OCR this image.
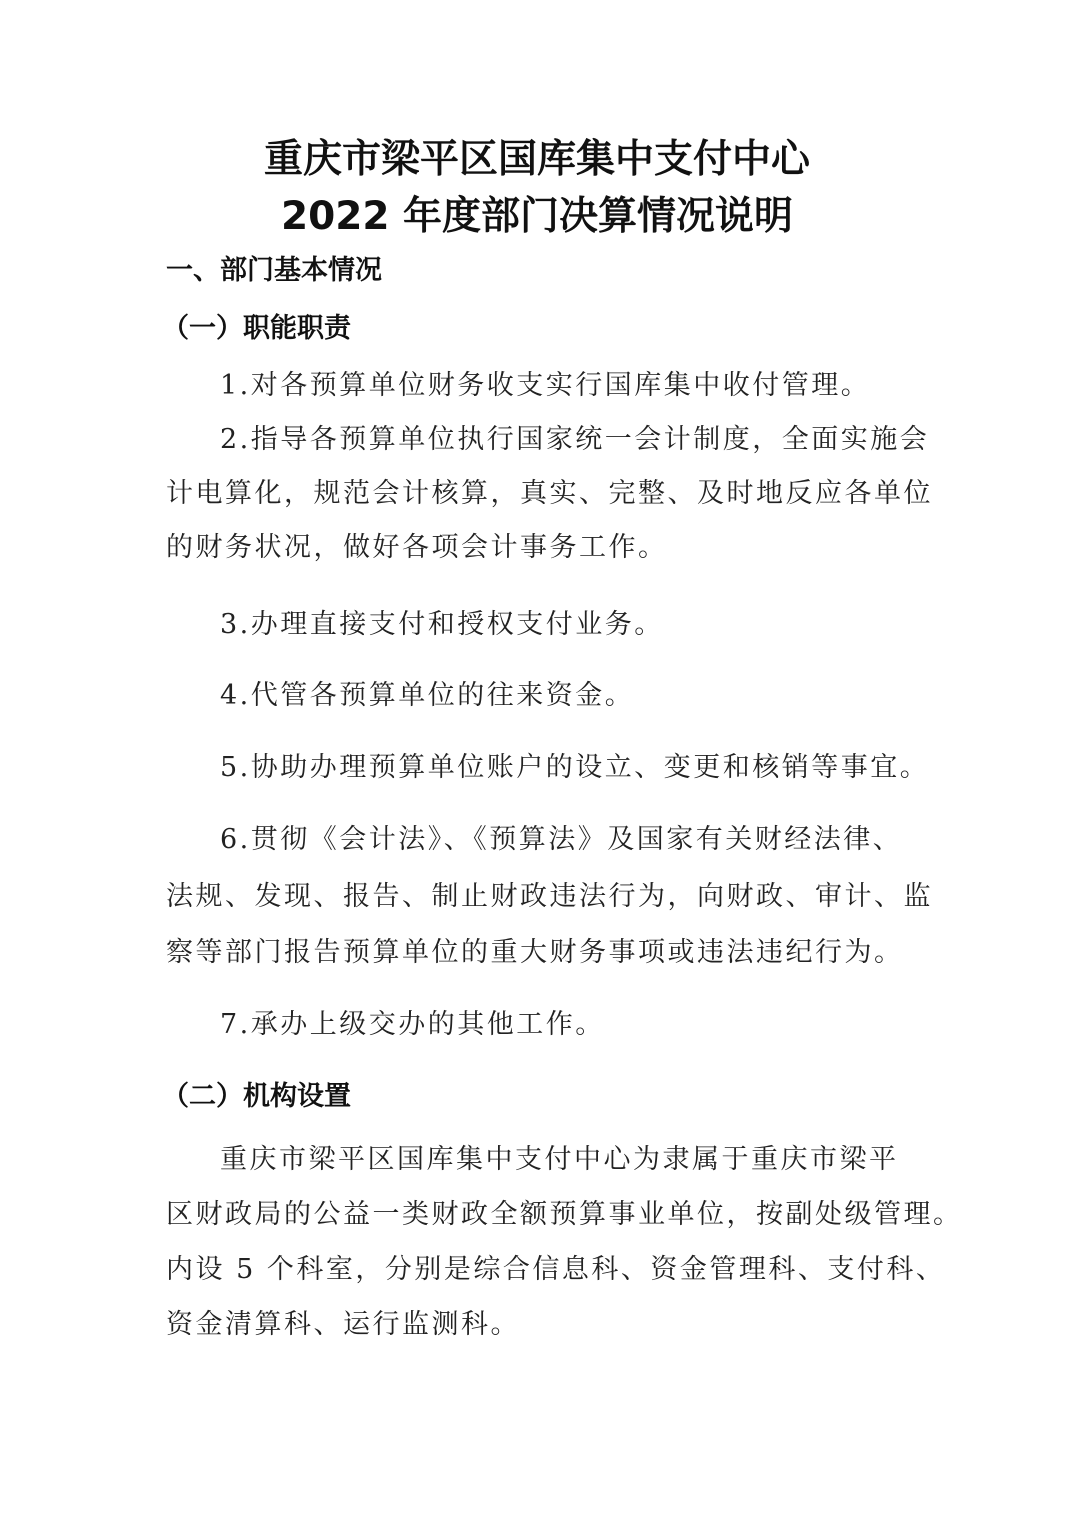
重庆市梁平区国库集中支付中心
2022 年度部门决算情况说明
一、部门基本情况
（一）职能职责

1.对各预算单位财务收支实行国库集中收付管理。

2.指导各预算单位执行国家统一会计制度，全面实施会

计电算化，规范会计核算，真实、完整、及时地反应各单位

的财务状况，做好各项会计事务工作。

3.办理直接支付和授权支付业务。

4.代管各预算单位的往来资金。

5.协助办理预算单位账户的设立、变更和核销等事宜。

6.贯彻《会计法》、《预算法》及国家有关财经法律、

法规、发现、报告、制止财政违法行为，向财政、审计、监

察等部门报告预算单位的重大财务事项或违法违纪行为。

7.承办上级交办的其他工作。

（二）机构设置

重庆市梁平区国库集中支付中心为隶属于重庆市梁平

区财政局的公益一类财政全额预算事业单位，按副处级管理。

内设 5 个科室，分别是综合信息科、资金管理科、支付科、

资金清算科、运行监测科。
